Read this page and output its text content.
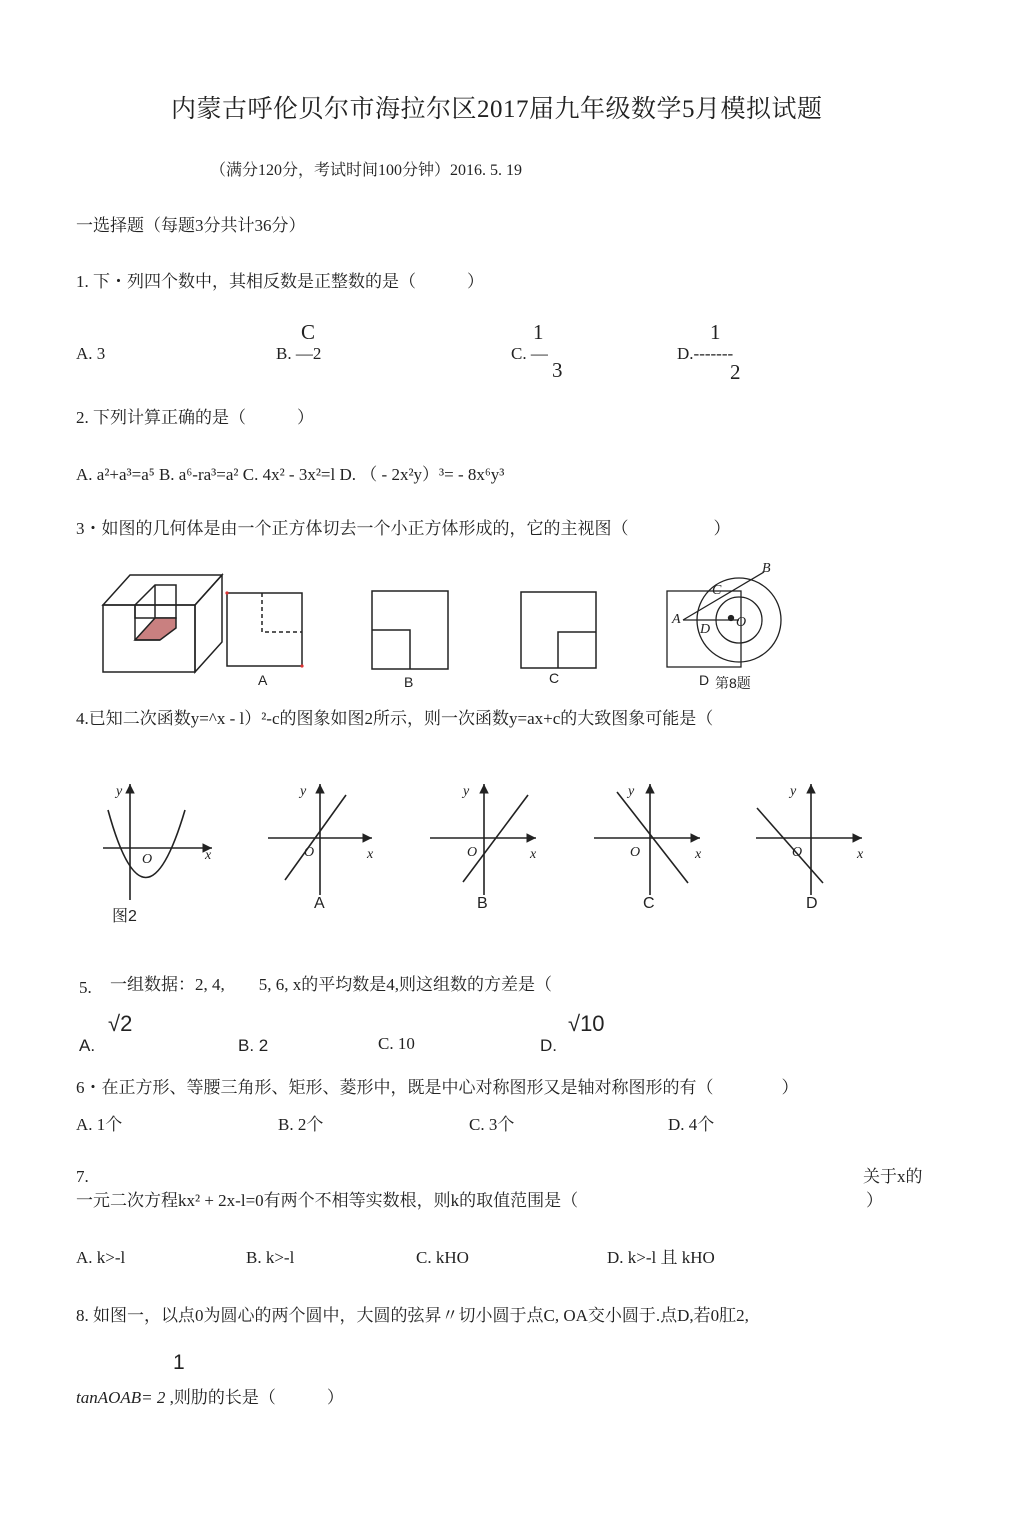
内蒙古呼伦贝尔市海拉尔区2017届九年级数学5月模拟试题
（满分120分，考试时间100分钟）2016. 5. 19
一选择题（每题3分共计36分）
1. 下・列四个数中，其相反数是正整数的是（　　　）
A. 3
C
B. —2
1
C. —
3
1
D.-------
2
2. 下列计算正确的是（　　　）
A. a²+a³=a⁵ B. a⁶-ra³=a² C. 4x² - 3x²=l D. （ - 2x²y）³= - 8x⁶y³
3・如图的几何体是由一个正方体切去一个小正方体形成的，它的主视图（　　　　　）
A	B	C
A
C
D O
B
D 第8题
4.已知二次函数y=^x - l）²-c的图象如图2所示，则一次函数y=ax+c的大致图象可能是（
y
x
O
图2
y
x
O
A
y
x
O
B
y
x
O
C
y
x
O
D
5. 一组数据：2, 4,　　5, 6, x的平均数是4,则这组数的方差是（
A.
√2
B. 2	C. 10	D.
√10
6・在正方形、等腰三角形、矩形、菱形中，既是中心对称图形又是轴对称图形的有（　　　　）
A. 1个	B. 2个	C. 3个	D. 4个
7.	关于x的
一元二次方程kx² + 2x-l=0有两个不相等实数根，则k的取值范围是（	）
A. k>-l	B. k>-l	C. kHO	D. k>-l 且 kHO
8. 如图一，以点0为圆心的两个圆中，大圆的弦昇〃切小圆于点C, OA交小圆于.点D,若0肛2,
1
tanAOAB= 2 ,则肋的长是（　　　）
